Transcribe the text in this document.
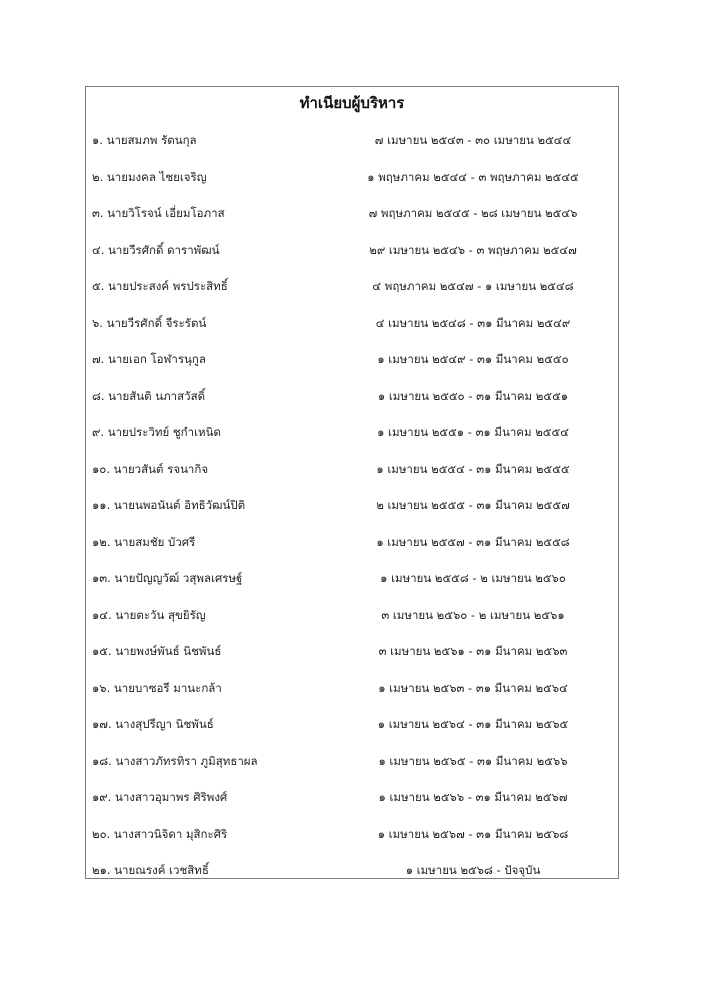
ทำเนียบผู้บริหาร
๑. นายสมภพ รัตนกุล	๗ เมษายน ๒๕๔๓ - ๓๐ เมษายน ๒๕๔๔
๒. นายมงคล ไชยเจริญ	๑ พฤษภาคม ๒๕๔๔ - ๓ พฤษภาคม ๒๕๔๕
๓. นายวิโรจน์ เอี่ยมโอภาส	๗ พฤษภาคม ๒๕๔๕ - ๒๘ เมษายน ๒๕๔๖
๔. นายวีรศักดิ์ ดาราพัฒน์	๒๙ เมษายน ๒๕๔๖ - ๓ พฤษภาคม ๒๕๔๗
๕. นายประสงค์ พรประสิทธิ์	๔ พฤษภาคม ๒๕๔๗ - ๑ เมษายน ๒๕๔๘
๖. นายวีรศักดิ์ จีระรัตน์	๔ เมษายน ๒๕๔๘ - ๓๑ มีนาคม ๒๕๔๙
๗. นายเอก โอฬารนุกูล	๑ เมษายน ๒๕๔๙ - ๓๑ มีนาคม ๒๕๕๐
๘. นายสันติ นภาสวัสดิ์	๑ เมษายน ๒๕๕๐ - ๓๑ มีนาคม ๒๕๕๑
๙. นายประวิทย์ ชูกำเหนิด	๑ เมษายน ๒๕๕๑ - ๓๑ มีนาคม ๒๕๕๔
๑๐. นายวสันต์ รจนากิจ	๑ เมษายน ๒๕๕๔ - ๓๑ มีนาคม ๒๕๕๕
๑๑. นายนพอนันต์ อิทธิวัฒน์ปิติ	๒ เมษายน ๒๕๕๕ - ๓๑ มีนาคม ๒๕๕๗
๑๒. นายสมชัย บัวศรี	๑ เมษายน ๒๕๕๗ - ๓๑ มีนาคม ๒๕๕๘
๑๓. นายปัญญวัฒ์ วสุพลเศรษฐ์	๑ เมษายน ๒๕๕๘ - ๒ เมษายน ๒๕๖๐
๑๔. นายตะวัน สุขยิรัญ	๓ เมษายน ๒๕๖๐ - ๒ เมษายน ๒๕๖๑
๑๕. นายพงษ์พันธ์ นิชพันธ์	๓ เมษายน ๒๕๖๑ - ๓๑ มีนาคม ๒๕๖๓
๑๖. นายบาซอรี มานะกล้า	๑ เมษายน ๒๕๖๓ - ๓๑ มีนาคม ๒๕๖๔
๑๗. นางสุปรีญา นิชพันธ์	๑ เมษายน ๒๕๖๔ - ๓๑ มีนาคม ๒๕๖๕
๑๘. นางสาวภัทรทิรา ภูมิสุทธาผล	๑ เมษายน ๒๕๖๕ - ๓๑ มีนาคม ๒๕๖๖
๑๙. นางสาวอุมาพร ศิริพงศ์	๑ เมษายน ๒๕๖๖ - ๓๑ มีนาคม ๒๕๖๗
๒๐. นางสาวนิจิดา มุสิกะศิริ	๑ เมษายน ๒๕๖๗ - ๓๑ มีนาคม ๒๕๖๘
๒๑. นายณรงค์ เวชสิทธิ์	๑ เมษายน ๒๕๖๘ - ปัจจุบัน
